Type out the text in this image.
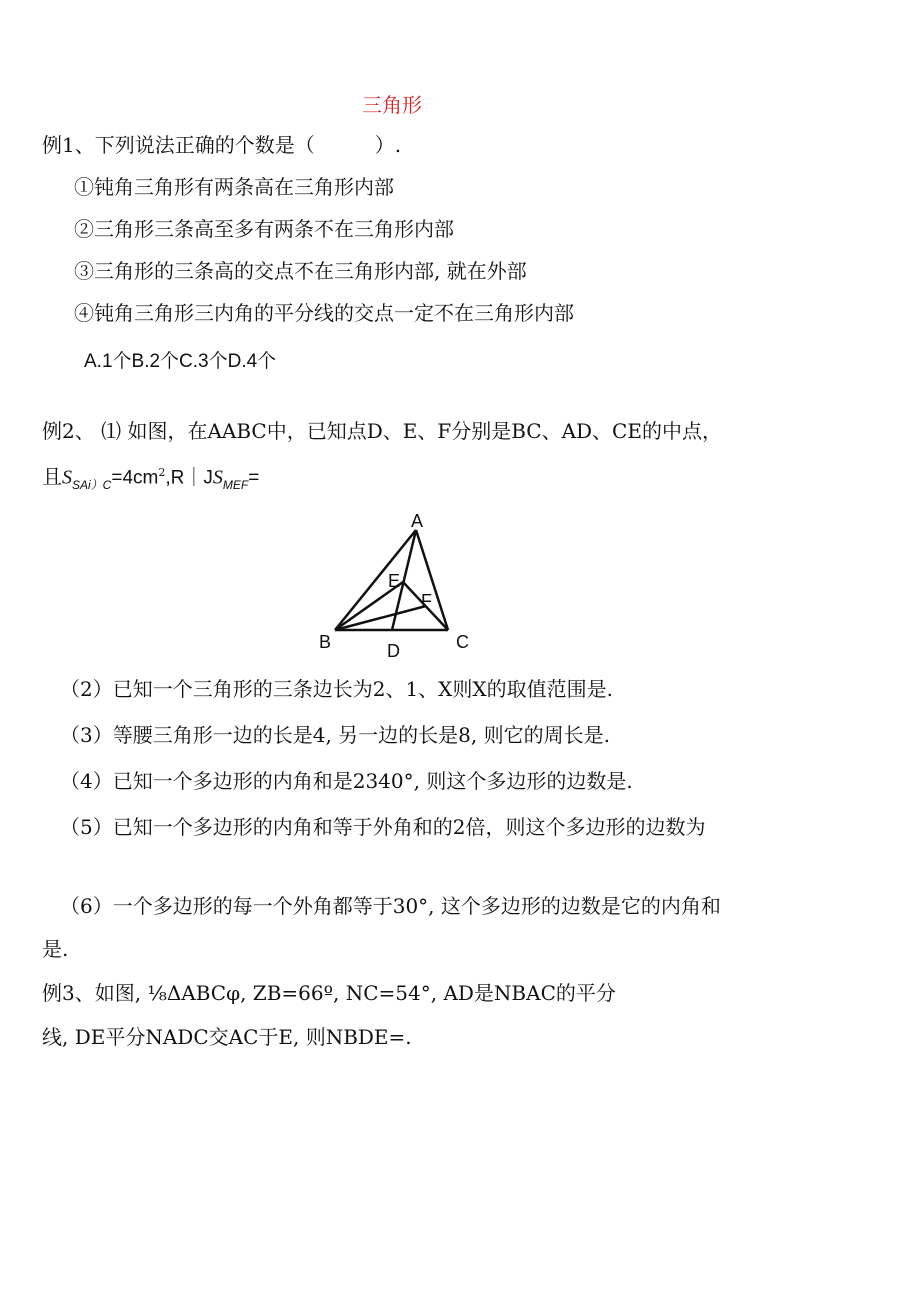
三角形
例1、下列说法正确的个数是（　　　）.
①钝角三角形有两条高在三角形内部
②三角形三条高至多有两条不在三角形内部
③三角形的三条高的交点不在三角形内部, 就在外部
④钝角三角形三内角的平分线的交点一定不在三角形内部
A.1个B.2个C.3个D.4个
例2、 ⑴ 如图，在AABC中，已知点D、E、F分别是BC、AD、CE的中点，
且$S_{SAi)C}=4cm^2,R|JS_{MEF}=$
A
B	C
D
E
F
（2）已知一个三角形的三条边长为2、1、X则X的取值范围是.
（3）等腰三角形一边的长是4, 另一边的长是8, 则它的周长是.
（4）已知一个多边形的内角和是2340°, 则这个多边形的边数是.
（5）已知一个多边形的内角和等于外角和的2倍，则这个多边形的边数为
（6）一个多边形的每一个外角都等于30°, 这个多边形的边数是它的内角和
是.
例3、如图, ⅛ΔABCφ, ZB=66º, NC=54°, AD是NBAC的平分
线, DE平分NADC交AC于E, 则NBDE=.
